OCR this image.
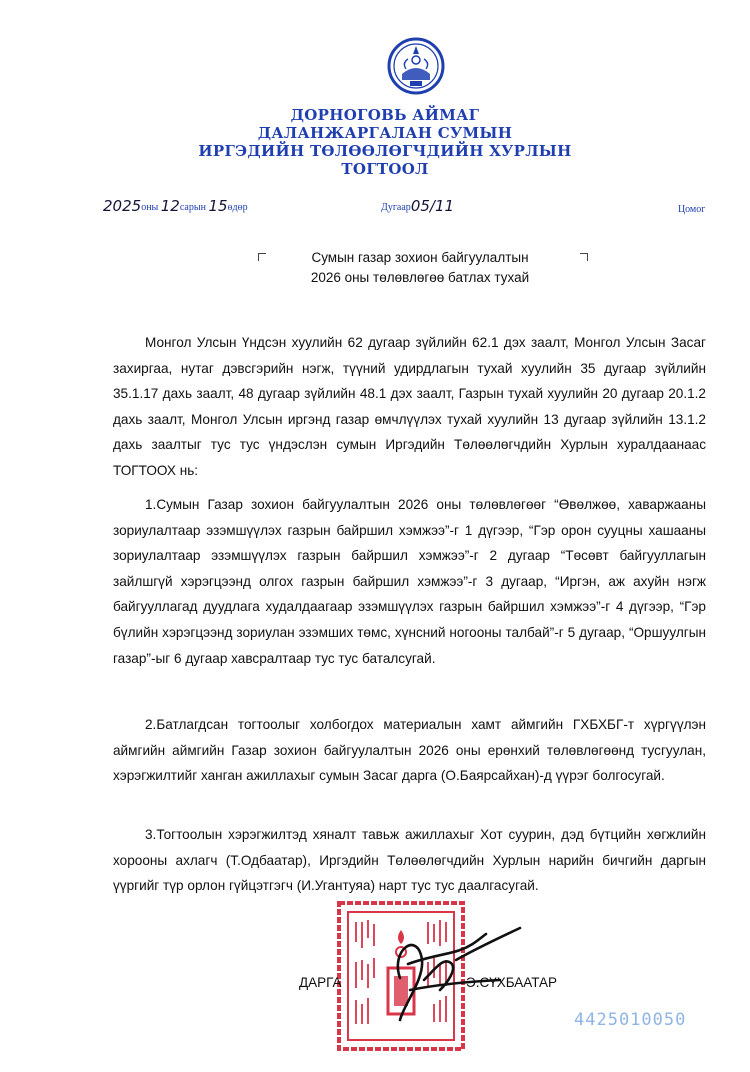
ДОРНОГОВЬ АЙМАГ
ДАЛАНЖАРГАЛАН СУМЫН
ИРГЭДИЙН ТӨЛӨӨЛӨГЧДИЙН ХУРЛЫН
ТОГТООЛ
2025оны 12сарын 15өдөр	Дугаар05/11	Цомог
Сумын газар зохион байгуулалтын
2026 оны төлөвлөгөө батлах тухай

Монгол Улсын Үндсэн хуулийн 62 дугаар зүйлийн 62.1 дэх заалт, Монгол Улсын Засаг захиргаа, нутаг дэвсгэрийн нэгж, түүний удирдлагын тухай хуулийн 35 дугаар зүйлийн 35.1.17 дахь заалт, 48 дугаар зүйлийн 48.1 дэх заалт, Газрын тухай хуулийн 20 дугаар 20.1.2 дахь заалт, Монгол Улсын иргэнд газар өмчлүүлэх тухай хуулийн 13 дугаар зүйлийн 13.1.2 дахь заалтыг тус тус үндэслэн сумын Иргэдийн Төлөөлөгчдийн Хурлын хуралдаанаас ТОГТООХ нь:

1.Сумын Газар зохион байгуулалтын 2026 оны төлөвлөгөөг “Өвөлжөө, хаваржааны зориулалтаар эзэмшүүлэх газрын байршил хэмжээ”-г 1 дүгээр, “Гэр орон сууцны хашааны зориулалтаар эзэмшүүлэх газрын байршил хэмжээ”-г 2 дугаар “Төсөвт байгууллагын зайлшгүй хэрэгцээнд олгох газрын байршил хэмжээ”-г 3 дугаар, “Иргэн, аж ахуйн нэгж байгууллагад дуудлага худалдаагаар эзэмшүүлэх газрын байршил хэмжээ”-г 4 дүгээр, “Гэр бүлийн хэрэгцээнд зориулан эзэмших төмс, хүнсний ногооны талбай”-г 5 дугаар, “Оршуулгын газар”-ыг 6 дугаар хавсралтаар тус тус баталсугай.

2.Батлагдсан тогтоолыг холбогдох материалын хамт аймгийн ГХБХБГ-т хүргүүлэн аймгийн аймгийн Газар зохион байгуулалтын 2026 оны ерөнхий төлөвлөгөөнд тусгуулан, хэрэгжилтийг ханган ажиллахыг сумын Засаг дарга (О.Баярсайхан)-д үүрэг болгосугай.

3.Тогтоолын хэрэгжилтэд хяналт тавьж ажиллахыг Хот суурин, дэд бүтцийн хөгжлийн хорооны ахлагч (Т.Одбаатар), Иргэдийн Төлөөлөгчдийн Хурлын нарийн бичгийн даргын үүргийг түр орлон гүйцэтгэгч (И.Угантуяа) нарт тус тус даалгасугай.

ДАРГА	Э.СҮХБААТАР
4425010050
